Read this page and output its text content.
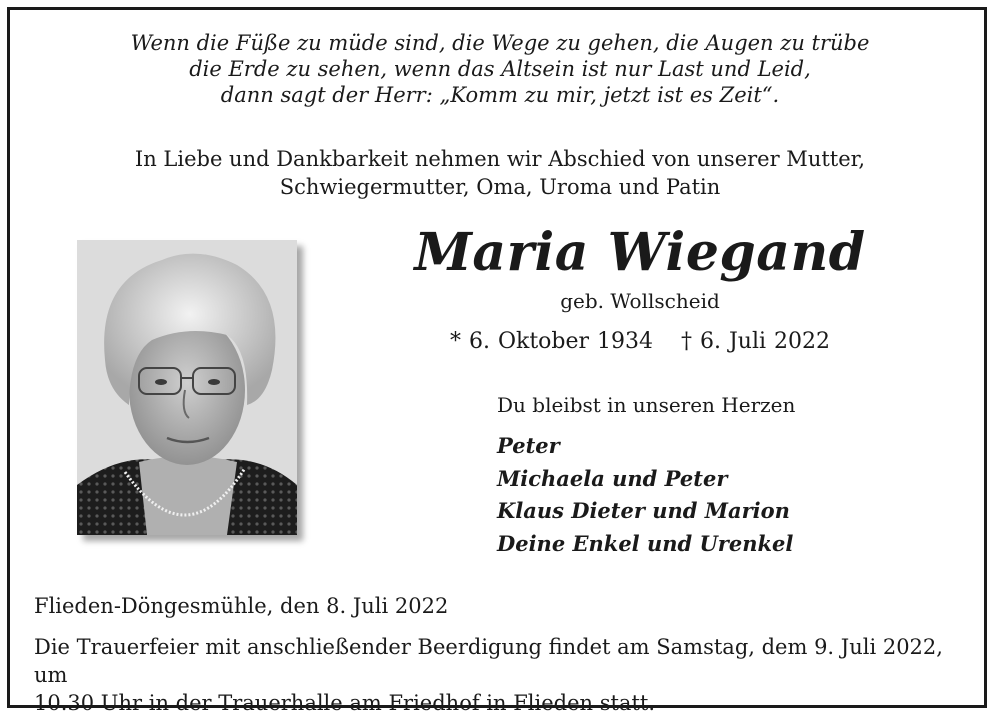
Wenn die Füße zu müde sind, die Wege zu gehen, die Augen zu trübe
die Erde zu sehen, wenn das Altsein ist nur Last und Leid,
dann sagt der Herr: „Komm zu mir, jetzt ist es Zeit“.
In Liebe und Dankbarkeit nehmen wir Abschied von unserer Mutter,
Schwiegermutter, Oma, Uroma und Patin
Maria Wiegand
geb. Wollscheid
* 6. Oktober 1934 † 6. Juli 2022
Du bleibst in unseren Herzen
Peter
Michaela und Peter
Klaus Dieter und Marion
Deine Enkel und Urenkel
Flieden-Döngesmühle, den 8. Juli 2022
Die Trauerfeier mit anschließender Beerdigung findet am Samstag, dem 9. Juli 2022, um
10.30 Uhr in der Trauerhalle am Friedhof in Flieden statt.
